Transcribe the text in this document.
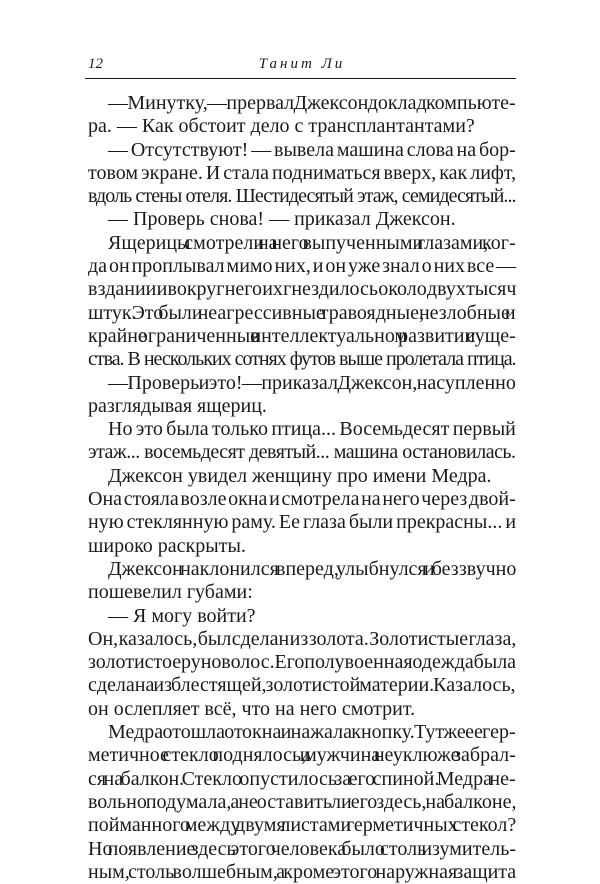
12	Танит Ли

— Минутку, — прервал Джексон доклад компьюте-

ра. — Как обстоит дело с трансплантантами?

— Отсутствуют! — вывела машина слова на бор-

товом экране. И стала подниматься вверх, как лифт,

вдоль стены отеля. Шестидесятый этаж, семидесятый...

— Проверь снова! — приказал Джексон.

Ящерицы смотрели на него выпученными глазами, ког-

да он проплывал мимо них, и он уже знал о них все —

в здании и вокруг него их гнездилось около двух тысяч

штук. Это были неагрессивные травоядные, незлобные и

крайне ограниченные в интеллектуальном развитии суще-

ства. В нескольких сотнях футов выше пролетала птица.

— Проверь и это! — приказал Джексон, насупленно

разглядывая ящериц.

Но это была только птица... Восемьдесят первый

этаж... восемьдесят девятый... машина остановилась.

Джексон увидел женщину про имени Медра.

Она стояла возле окна и смотрела на него через двой-

ную стеклянную раму. Ее глаза были прекрасны... и

широко раскрыты.

Джексон наклонился вперед, улыбнулся и беззвучно

пошевелил губами:

— Я могу войти?

Он, казалось, был сделан из золота. Золотистые глаза,

золотистое руно волос. Его полувоенная одежда была

сделана из блестящей, золотистой материи. Казалось,

он ослепляет всё, что на него смотрит.

Медра отошла от окна и нажала кнопку. Тут же ее гер-

метичное стекло поднялось, и мужчина неуклюже забрал-

ся на балкон. Стекло опустилось за его спиной. Медра не-

вольно подумала, а не оставить ли его здесь, на балконе,

пойманного между двумя листами герметичных стекол?

Но появление здесь этого человека было столь изумитель-

ным, столь волшебным, а кроме этого наружная защита
